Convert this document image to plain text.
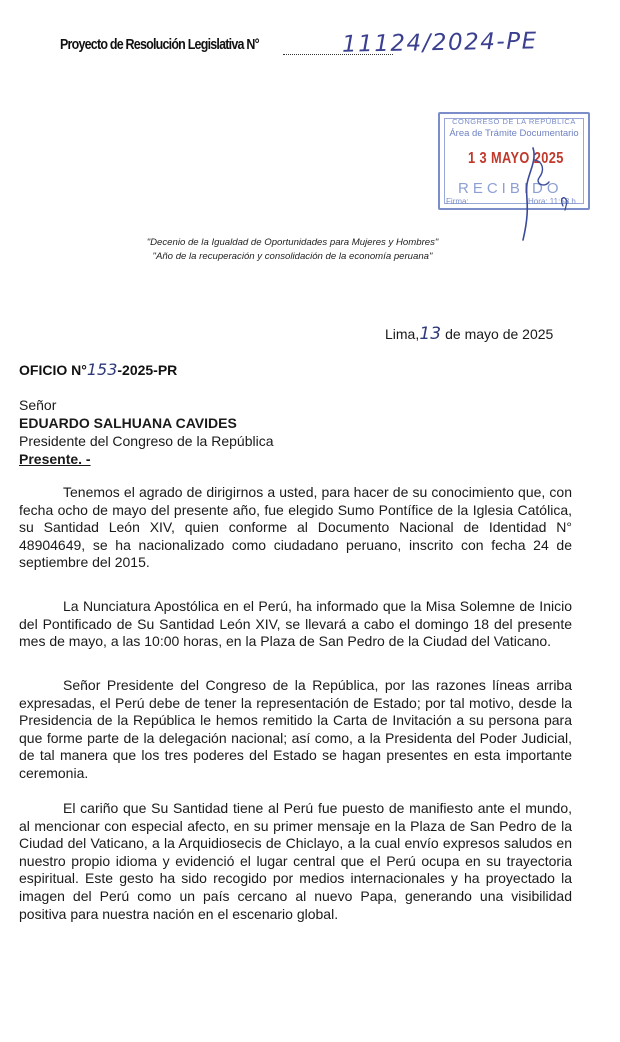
Proyecto de Resolución Legislativa N°	11124/2024-PE
CONGRESO DE LA REPÚBLICA
Área de Trámite Documentario
1 3 MAYO 2025
RECIBIDO
Firma:	Hora: 11:58 h
"Decenio de la Igualdad de Oportunidades para Mujeres y Hombres"
"Año de la recuperación y consolidación de la economía peruana"
Lima,13 de mayo de 2025
OFICIO N°153-2025-PR
Señor
EDUARDO SALHUANA CAVIDES
Presidente del Congreso de la República
Presente. -

Tenemos el agrado de dirigirnos a usted, para hacer de su conocimiento que, con fecha ocho de mayo del presente año, fue elegido Sumo Pontífice de la Iglesia Católica, su Santidad León XIV, quien conforme al Documento Nacional de Identidad N° 48904649, se ha nacionalizado como ciudadano peruano, inscrito con fecha 24 de septiembre del 2015.

La Nunciatura Apostólica en el Perú, ha informado que la Misa Solemne de Inicio del Pontificado de Su Santidad León XIV, se llevará a cabo el domingo 18 del presente mes de mayo, a las 10:00 horas, en la Plaza de San Pedro de la Ciudad del Vaticano.

Señor Presidente del Congreso de la República, por las razones líneas arriba expresadas, el Perú debe de tener la representación de Estado; por tal motivo, desde la Presidencia de la República le hemos remitido la Carta de Invitación a su persona para que forme parte de la delegación nacional; así como, a la Presidenta del Poder Judicial, de tal manera que los tres poderes del Estado se hagan presentes en esta importante ceremonia.

El cariño que Su Santidad tiene al Perú fue puesto de manifiesto ante el mundo, al mencionar con especial afecto, en su primer mensaje en la Plaza de San Pedro de la Ciudad del Vaticano, a la Arquidiosecis de Chiclayo, a la cual envío expresos saludos en nuestro propio idioma y evidenció el lugar central que el Perú ocupa en su trayectoria espiritual. Este gesto ha sido recogido por medios internacionales y ha proyectado la imagen del Perú como un país cercano al nuevo Papa, generando una visibilidad positiva para nuestra nación en el escenario global.
